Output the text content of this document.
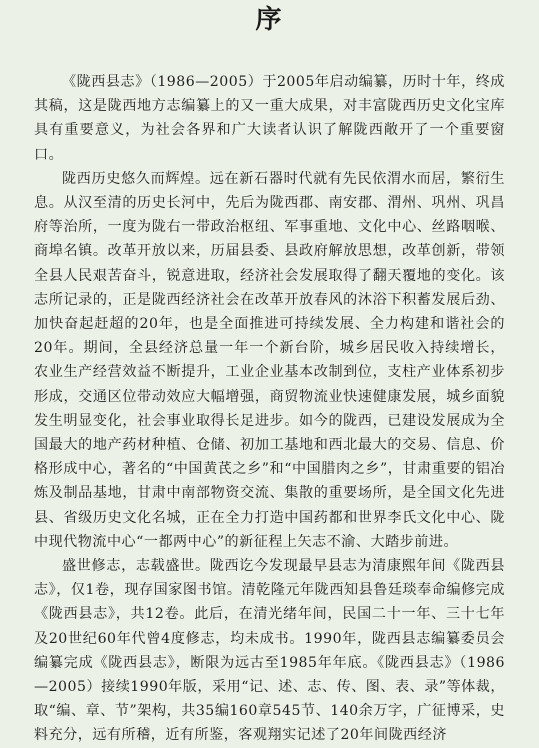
序

《陇西县志》（1986—2005）于2005年启动编纂，历时十年，终成其稿，这是陇西地方志编纂上的又一重大成果，对丰富陇西历史文化宝库具有重要意义，为社会各界和广大读者认识了解陇西敞开了一个重要窗口。

陇西历史悠久而辉煌。远在新石器时代就有先民依渭水而居，繁衍生息。从汉至清的历史长河中，先后为陇西郡、南安郡、渭州、巩州、巩昌府等治所，一度为陇右一带政治枢纽、军事重地、文化中心、丝路咽喉、商埠名镇。改革开放以来，历届县委、县政府解放思想，改革创新，带领全县人民艰苦奋斗，锐意进取，经济社会发展取得了翻天覆地的变化。该志所记录的，正是陇西经济社会在改革开放春风的沐浴下积蓄发展后劲、加快奋起赶超的20年，也是全面推进可持续发展、全力构建和谐社会的20年。期间，全县经济总量一年一个新台阶，城乡居民收入持续增长，农业生产经营效益不断提升，工业企业基本改制到位，支柱产业体系初步形成，交通区位带动效应大幅增强，商贸物流业快速健康发展，城乡面貌发生明显变化，社会事业取得长足进步。如今的陇西，已建设发展成为全国最大的地产药材种植、仓储、初加工基地和西北最大的交易、信息、价格形成中心，著名的“中国黄芪之乡”和“中国腊肉之乡”，甘肃重要的铝冶炼及制品基地，甘肃中南部物资交流、集散的重要场所，是全国文化先进县、省级历史文化名城，正在全力打造中国药都和世界李氏文化中心、陇中现代物流中心“一都两中心”的新征程上矢志不渝、大踏步前进。

盛世修志，志载盛世。陇西讫今发现最早县志为清康熙年间《陇西县志》，仅1卷，现存国家图书馆。清乾隆元年陇西知县鲁廷琰奉命编修完成《陇西县志》，共12卷。此后，在清光绪年间，民国二十一年、三十七年及20世纪60年代曾4度修志，均未成书。1990年，陇西县志编纂委员会编纂完成《陇西县志》，断限为远古至1985年年底。《陇西县志》（1986—2005）接续1990年版，采用“记、述、志、传、图、表、录”等体裁，取“编、章、节”架构，共35编160章545节、140余万字，广征博采，史料充分，远有所稽，近有所鉴，客观翔实记述了20年间陇西经济
